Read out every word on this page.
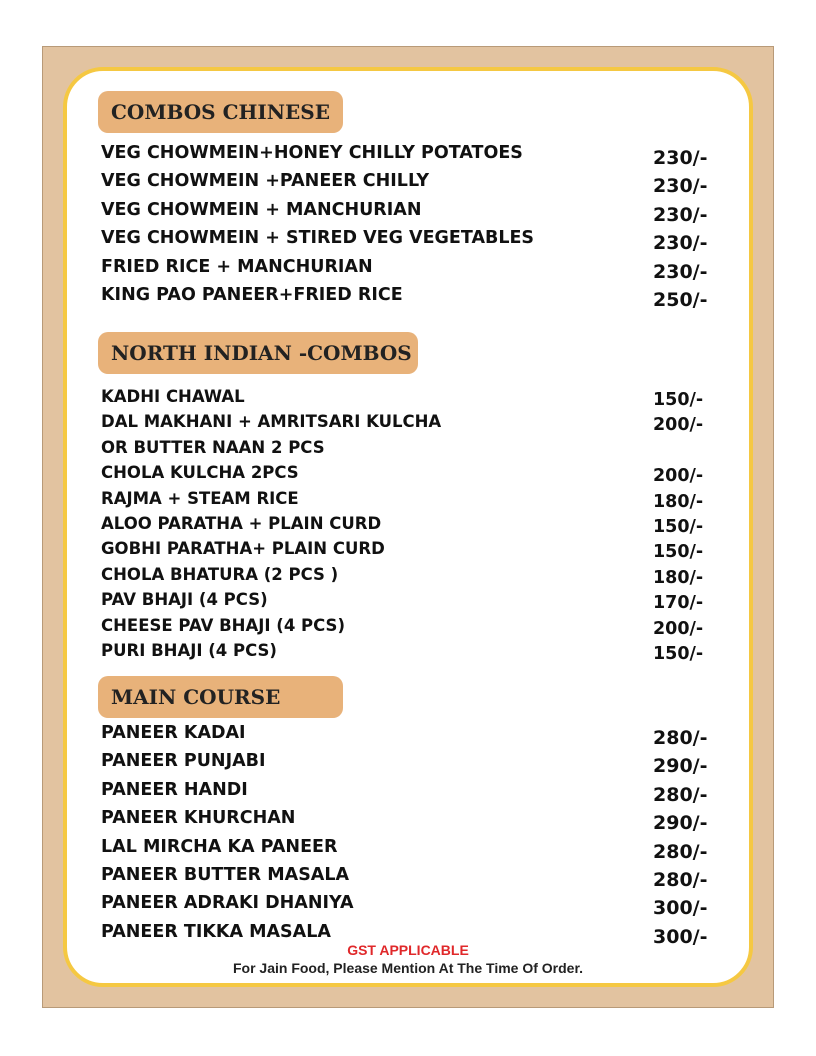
COMBOS CHINESE
VEG CHOWMEIN+HONEY CHILLY POTATOES	230/-
VEG CHOWMEIN +PANEER CHILLY	230/-
VEG CHOWMEIN + MANCHURIAN	230/-
VEG CHOWMEIN + STIRED VEG VEGETABLES	230/-
FRIED RICE + MANCHURIAN	230/-
KING PAO PANEER+FRIED RICE	250/-
NORTH INDIAN -COMBOS
KADHI CHAWAL	150/-
DAL MAKHANI + AMRITSARI KULCHA	200/-
OR BUTTER NAAN 2 PCS
CHOLA KULCHA 2PCS	200/-
RAJMA + STEAM RICE	180/-
ALOO PARATHA + PLAIN CURD	150/-
GOBHI PARATHA+ PLAIN CURD	150/-
CHOLA BHATURA (2 PCS )	180/-
PAV BHAJI (4 PCS)	170/-
CHEESE PAV BHAJI (4 PCS)	200/-
PURI BHAJI (4 PCS)	150/-
MAIN COURSE
PANEER KADAI	280/-
PANEER PUNJABI	290/-
PANEER HANDI	280/-
PANEER KHURCHAN	290/-
LAL MIRCHA KA PANEER	280/-
PANEER BUTTER MASALA	280/-
PANEER ADRAKI DHANIYA	300/-
PANEER TIKKA MASALA	300/-
GST APPLICABLE
For Jain Food, Please Mention At The Time Of Order.
